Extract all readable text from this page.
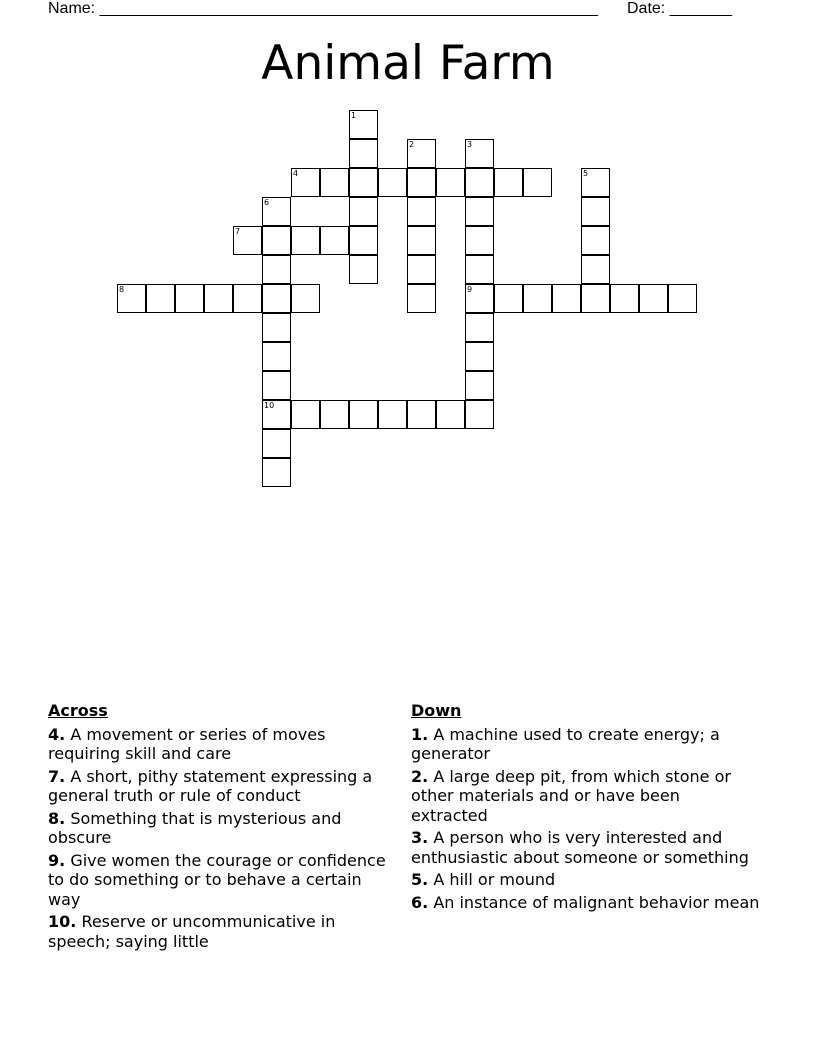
Name: ________________________________________________________ Date: _______
Animal Farm
1
2	3
9
4	5
6
10
7
8
Across
4. A movement or series of moves requiring skill and care
7. A short, pithy statement expressing a general truth or rule of conduct
8. Something that is mysterious and obscure
9. Give women the courage or confidence to do something or to behave a certain way
10. Reserve or uncommunicative in speech; saying little
Down
1. A machine used to create energy; a generator
2. A large deep pit, from which stone or other materials and or have been extracted
3. A person who is very interested and enthusiastic about someone or something
5. A hill or mound
6. An instance of malignant behavior mean
